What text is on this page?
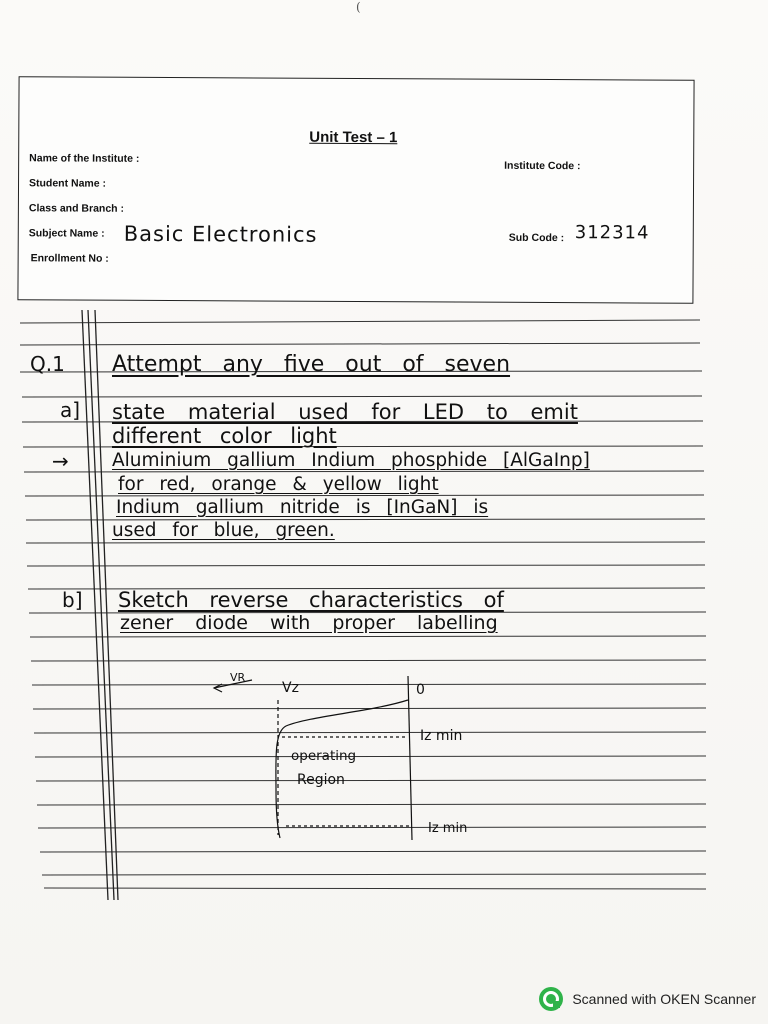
(
Unit Test – 1
Name of the Institute :
Institute Code :
Student Name :
Class and Branch :
Subject Name : Basic Electronics	Sub Code : 312314
Enrollment No :
Q.1 Attempt any five out of seven
a] state material used for LED to emit
different color light
→ Aluminium gallium Indium phosphide [AlGaInp]
for red, orange & yellow light
Indium gallium nitride is [InGaN] is
used for blue, green.
b] Sketch reverse characteristics of
zener diode with proper labelling
VR
Vz	0
Iz min
Iz min
operating
Region
Scanned with OKEN Scanner
